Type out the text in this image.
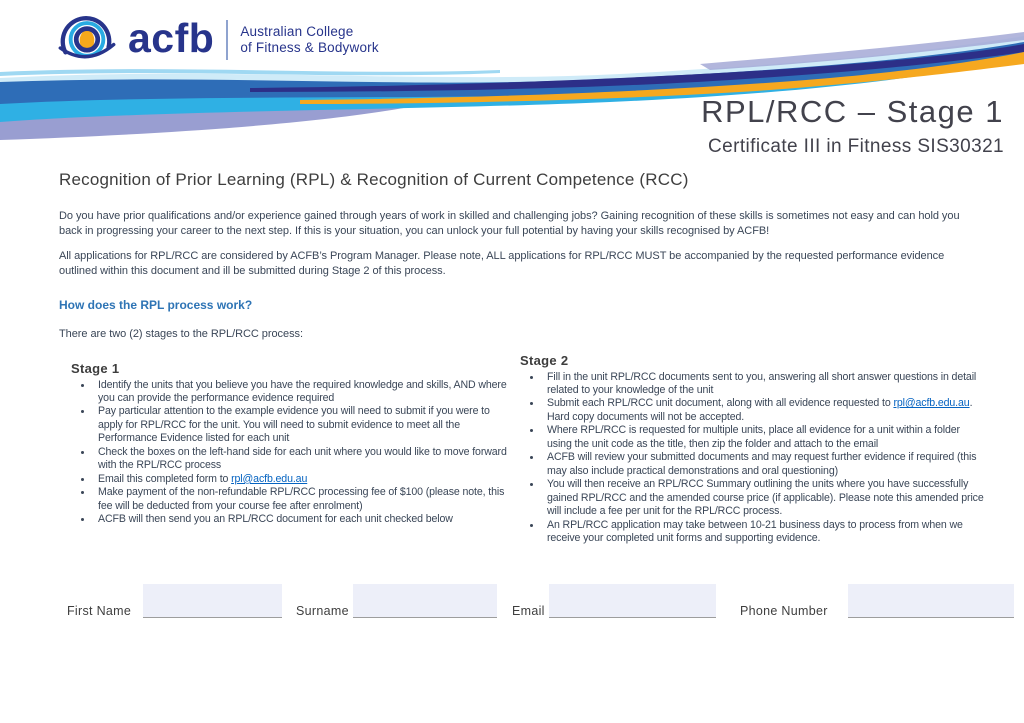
acfb Australian College
of Fitness & Bodywork
RPL/RCC – Stage 1
Certificate III in Fitness SIS30321
Recognition of Prior Learning (RPL) & Recognition of Current Competence (RCC)

Do you have prior qualifications and/or experience gained through years of work in skilled and challenging jobs? Gaining recognition of these skills is sometimes not easy and can hold you back in progressing your career to the next step. If this is your situation, you can unlock your full potential by having your skills recognised by ACFB!

All applications for RPL/RCC are considered by ACFB’s Program Manager. Please note, ALL applications for RPL/RCC MUST be accompanied by the requested performance evidence outlined within this document and ill be submitted during Stage 2 of this process.

How does the RPL process work?

There are two (2) stages to the RPL/RCC process:

Stage 1
• Identify the units that you believe you have the required knowledge and skills, AND where you can provide the performance evidence required
• Pay particular attention to the example evidence you will need to submit if you were to apply for RPL/RCC for the unit. You will need to submit evidence to meet all the Performance Evidence listed for each unit
• Check the boxes on the left-hand side for each unit where you would like to move forward with the RPL/RCC process
• Email this completed form to rpl@acfb.edu.au
• Make payment of the non-refundable RPL/RCC processing fee of $100 (please note, this fee will be deducted from your course fee after enrolment)
• ACFB will then send you an RPL/RCC document for each unit checked below
Stage 2
• Fill in the unit RPL/RCC documents sent to you, answering all short answer questions in detail related to your knowledge of the unit
• Submit each RPL/RCC unit document, along with all evidence requested to rpl@acfb.edu.au. Hard copy documents will not be accepted.
• Where RPL/RCC is requested for multiple units, place all evidence for a unit within a folder using the unit code as the title, then zip the folder and attach to the email
• ACFB will review your submitted documents and may request further evidence if required (this may also include practical demonstrations and oral questioning)
• You will then receive an RPL/RCC Summary outlining the units where you have successfully gained RPL/RCC and the amended course price (if applicable). Please note this amended price will include a fee per unit for the RPL/RCC process.
• An RPL/RCC application may take between 10-21 business days to process from when we receive your completed unit forms and supporting evidence.
First Name	Surname	Email	Phone Number
